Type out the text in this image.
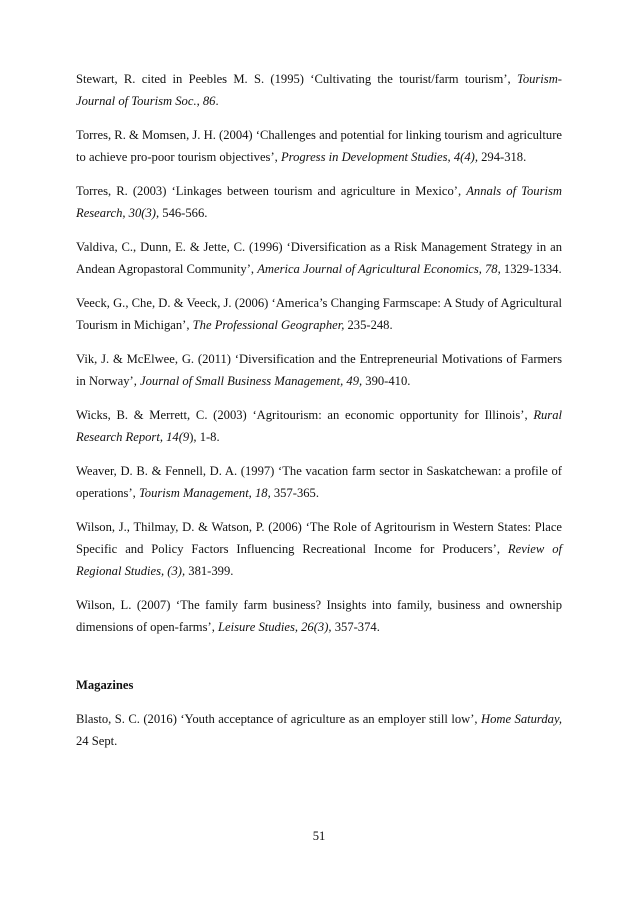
Stewart, R. cited in Peebles M. S. (1995) ‘Cultivating the tourist/farm tourism’, Tourism-Journal of Tourism Soc., 86.

Torres, R. & Momsen, J. H. (2004) ‘Challenges and potential for linking tourism and agriculture to achieve pro-poor tourism objectives’, Progress in Development Studies, 4(4), 294-318.

Torres, R. (2003) ‘Linkages between tourism and agriculture in Mexico’, Annals of Tourism Research, 30(3), 546-566.

Valdiva, C., Dunn, E. & Jette, C. (1996) ‘Diversification as a Risk Management Strategy in an Andean Agropastoral Community’, America Journal of Agricultural Economics, 78, 1329-1334.

Veeck, G., Che, D. & Veeck, J. (2006) ‘America’s Changing Farmscape: A Study of Agricultural Tourism in Michigan’, The Professional Geographer, 235-248.

Vik, J. & McElwee, G. (2011) ‘Diversification and the Entrepreneurial Motivations of Farmers in Norway’, Journal of Small Business Management, 49, 390-410.

Wicks, B. & Merrett, C. (2003) ‘Agritourism: an economic opportunity for Illinois’, Rural Research Report, 14(9), 1-8.

Weaver, D. B. & Fennell, D. A. (1997) ‘The vacation farm sector in Saskatchewan: a profile of operations’, Tourism Management, 18, 357-365.

Wilson, J., Thilmay, D. & Watson, P. (2006) ‘The Role of Agritourism in Western States: Place Specific and Policy Factors Influencing Recreational Income for Producers’, Review of Regional Studies, (3), 381-399.

Wilson, L. (2007) ‘The family farm business? Insights into family, business and ownership dimensions of open-farms’, Leisure Studies, 26(3), 357-374.

Magazines

Blasto, S. C. (2016) ‘Youth acceptance of agriculture as an employer still low’, Home Saturday, 24 Sept.

51
